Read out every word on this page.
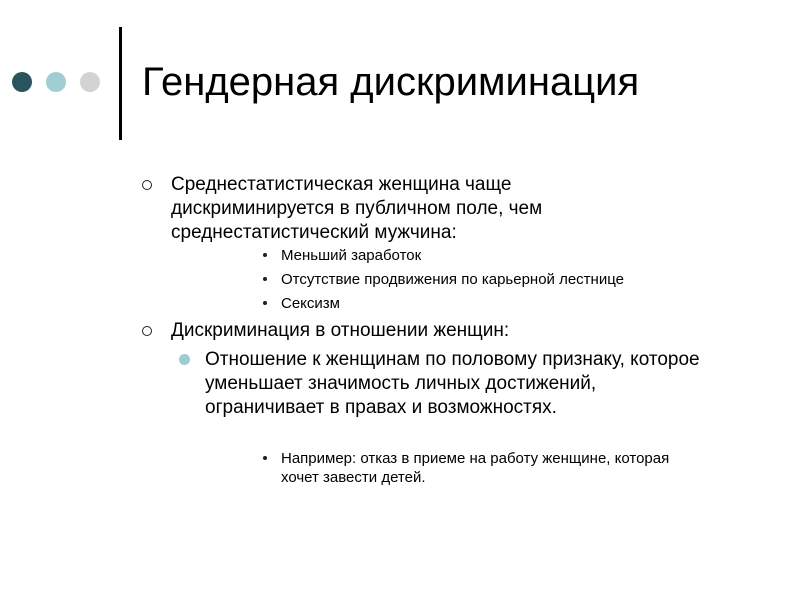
Гендерная дискриминация
Среднестатистическая женщина чаще дискриминируется в публичном поле, чем среднестатистический мужчина:
Меньший заработок
Отсутствие продвижения по карьерной лестнице
Сексизм
Дискриминация в отношении женщин:
Отношение к женщинам по половому признаку, которое уменьшает значимость личных достижений, ограничивает в правах и возможностях.
Например: отказ в приеме на работу женщине, которая хочет завести детей.
